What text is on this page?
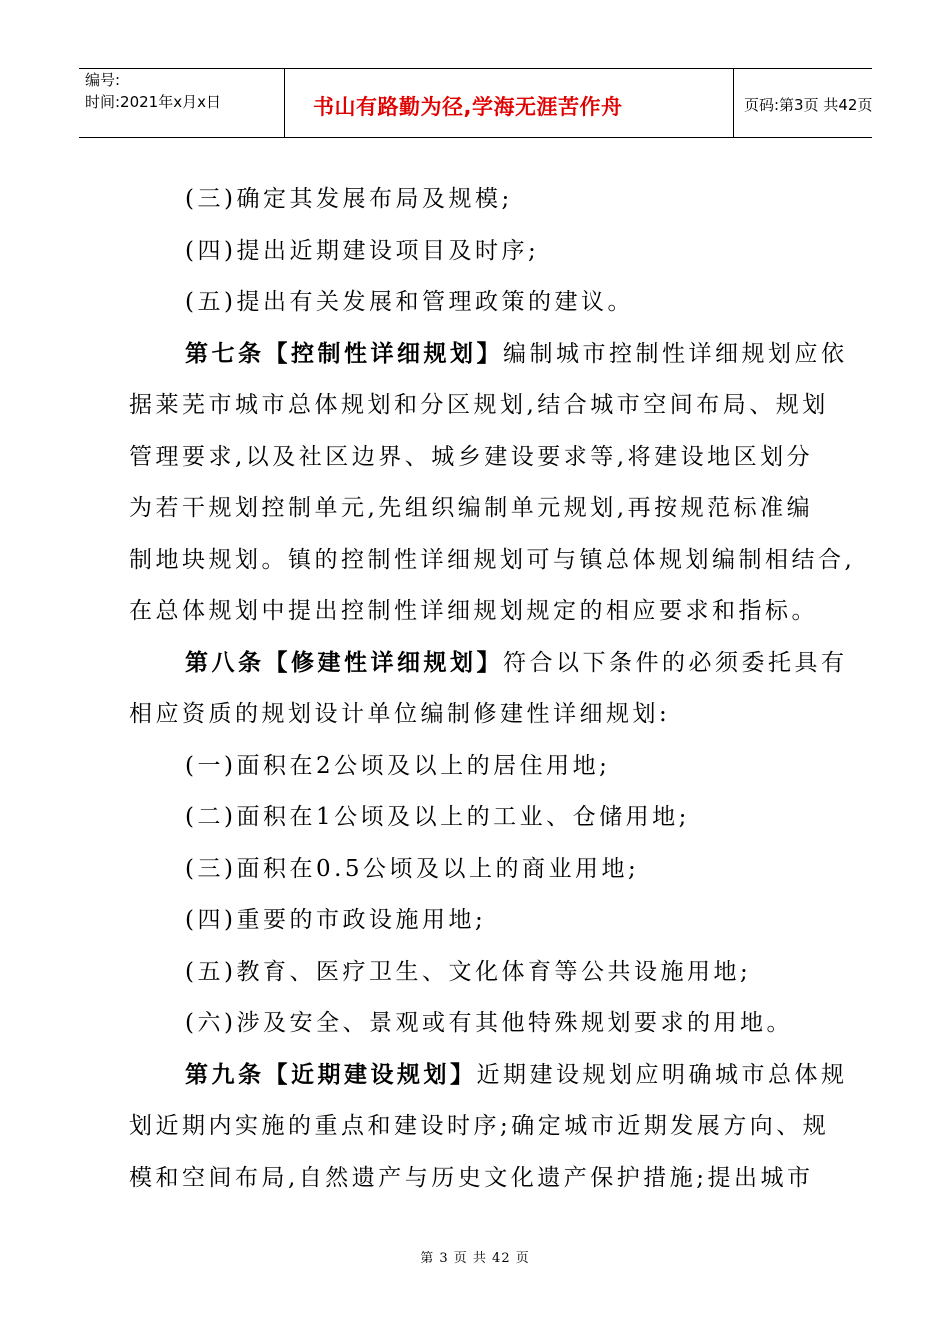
编号:
时间:2021年x月x日	书山有路勤为径,学海无涯苦作舟	页码:第3页 共42页
(三)确定其发展布局及规模;
(四)提出近期建设项目及时序;
(五)提出有关发展和管理政策的建议。
第七条【控制性详细规划】编制城市控制性详细规划应依
据莱芜市城市总体规划和分区规划,结合城市空间布局、规划
管理要求,以及社区边界、城乡建设要求等,将建设地区划分
为若干规划控制单元,先组织编制单元规划,再按规范标准编
制地块规划。镇的控制性详细规划可与镇总体规划编制相结合,
在总体规划中提出控制性详细规划规定的相应要求和指标。
第八条【修建性详细规划】符合以下条件的必须委托具有
相应资质的规划设计单位编制修建性详细规划:
(一)面积在2公顷及以上的居住用地;
(二)面积在1公顷及以上的工业、仓储用地;
(三)面积在0.5公顷及以上的商业用地;
(四)重要的市政设施用地;
(五)教育、医疗卫生、文化体育等公共设施用地;
(六)涉及安全、景观或有其他特殊规划要求的用地。
第九条【近期建设规划】近期建设规划应明确城市总体规
划近期内实施的重点和建设时序;确定城市近期发展方向、规
模和空间布局,自然遗产与历史文化遗产保护措施;提出城市
第 3 页 共 42 页
